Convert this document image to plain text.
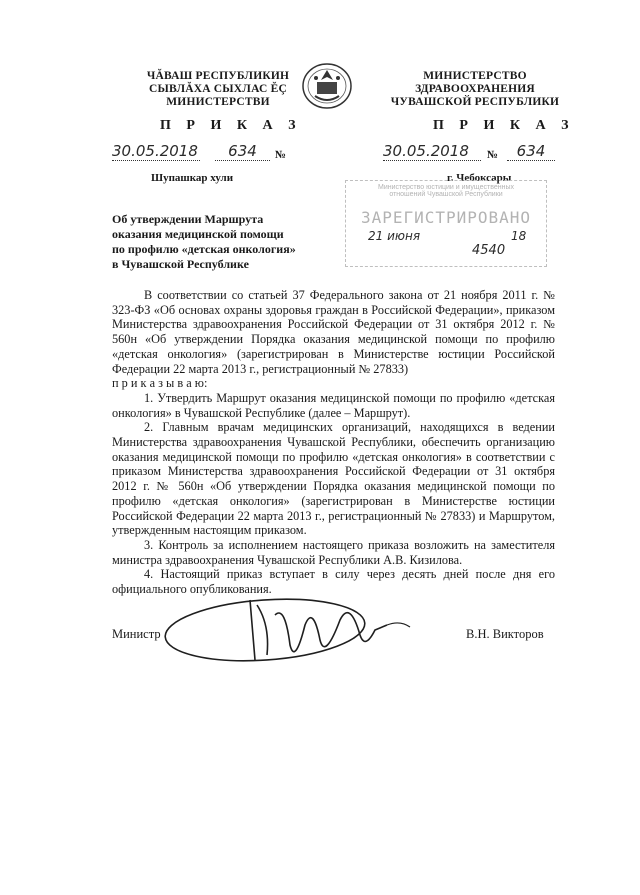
ЧĂВАШ РЕСПУБЛИКИН
СЫВЛĂХА СЫХЛАС ĔÇ
МИНИСТЕРСТВИ
МИНИСТЕРСТВО
ЗДРАВООХРАНЕНИЯ
ЧУВАШСКОЙ РЕСПУБЛИКИ
П Р И К А З	П Р И К А З
30.05.2018	634	№	30.05.2018	№	634
Шупашкар хули	г. Чебоксары
Министерство юстиции и имущественных
отношений Чувашской Республики
ЗАРЕГИСТРИРОВАНО
21 июня	18
4540
Об утверждении Маршрута
оказания медицинской помощи
по профилю «детская онкология»
в Чувашской Республике

В соответствии со статьей 37 Федерального закона от 21 ноября 2011 г. № 323-ФЗ «Об основах охраны здоровья граждан в Российской Федерации», приказом Министерства здравоохранения Российской Федерации от 31 октября 2012 г. № 560н «Об утверждении Порядка оказания медицинской помощи по профилю «детская онкология» (зарегистрирован в Министерстве юстиции Российской Федерации 22 марта 2013 г., регистрационный № 27833)

п р и к а з ы в а ю:

1. Утвердить Маршрут оказания медицинской помощи по профилю «детская онкология» в Чувашской Республике (далее – Маршрут).

2. Главным врачам медицинских организаций, находящихся в ведении Министерства здравоохранения Чувашской Республики, обеспечить организацию оказания медицинской помощи по профилю «детская онкология» в соответствии с приказом Министерства здравоохранения Российской Федерации от 31 октября 2012 г. № 560н «Об утверждении Порядка оказания медицинской помощи по профилю «детская онкология» (зарегистрирован в Министерстве юстиции Российской Федерации 22 марта 2013 г., регистрационный № 27833) и Маршрутом, утвержденным настоящим приказом.

3. Контроль за исполнением настоящего приказа возложить на заместителя министра здравоохранения Чувашской Республики А.В. Кизилова.

4. Настоящий приказ вступает в силу через десять дней после дня его официального опубликования.

Министр	В.Н. Викторов
